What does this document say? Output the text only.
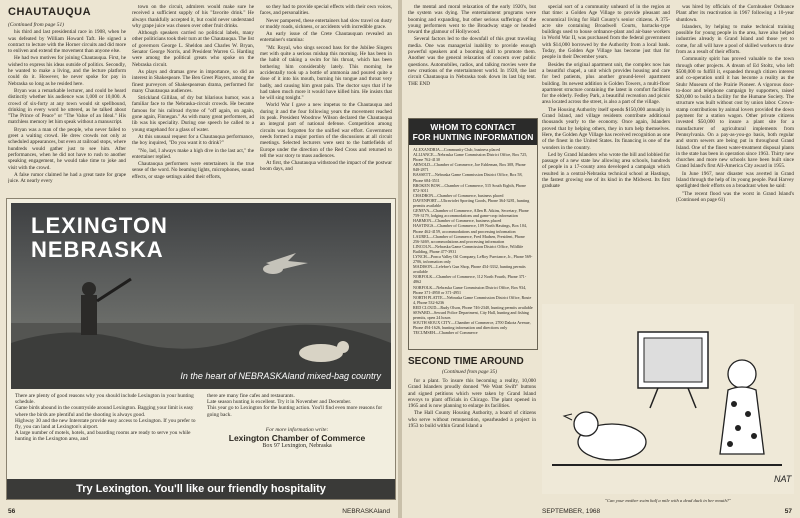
CHAUTAUQUA

(Continued from page 51)

his third and last presidential race in 1908, when he was defeated by William Howard Taft. He signed a contract to lecture with the Horner circuits and did more to enliven and extend the movement than anyone else.

He had two motives for joining Chautauqua. First, he wished to express his ideas outside of politics. Secondly, he wanted to make a living, and the lecture platform could do it. However, he never spoke for pay in Nebraska so long as he resided here.

Bryan was a remarkable lecturer, and could be heard distinctly whether his audience was 1,000 or 10,000. A crowd of six-forty at any town would sit spellbound, drinking in every word he uttered, as he talked about "The Prince of Peace" or "The Value of an Ideal." His matchless memory let him speak without a manuscript.

Bryan was a man of the people, who never failed to greet a waiting crowd. He drew crowds not only at scheduled appearances, but even at railroad stops, where hundreds would gather just to see him. After performances, when he did not have to rush to another speaking engagement, he would take time to joke and visit with the crowd.

A false rumor claimed he had a great taste for grape juice. At nearly every

town on the circuit, admirers would make sure he received a sufficient supply of his "favorite drink." He always thankfully accepted it, but could never understand why grape juice was chosen over other fruit drinks.

Although speakers carried no political labels, many other politicians took their turn at the Chautauqua. The list of governors George L. Sheldon and Charles W. Bryan, Senator George Norris, and President Warren G. Harding were among the political greats who spoke on the Nebraska circuit.

As plays and dramas grew in importance, so did an interest in Shakespeare. The Ben Greet Players, among the finest purveyors of Shakespearean drama, performed for many Chautauqua audiences.

Strickland Gillilan, of dry but hilarious humor, was a familiar face to the Nebraska-circuit crowds. He became famous for his railroad rhyme of "off again, on again, gone again, Finnegan." As with many great performers, ad lib was his speciality. During one speech he called to a young stagehand for a glass of water.

At this unusual request for a Chautauqua performance, the boy inquired, "Do you want it to drink?"

"No, lad, I always make a high dive in the last act," the entertainer replied.

Chautauqua performers were entertainers in the true sense of the word. No beaming lights, microphones, sound effects, or stage settings aided their efforts,

so they had to provide special effects with their own voices, faces, and personalities.

Never pampered, these entertainers had slow travel on dusty or muddy roads, sickness, or accidents with incredible grace.

An early issue of the Crete Chautauquan revealed an entertainer's stamina:

"Mr. Royal, who sings second bass for the Jubilee Singers met with quite a serious mishap this morning. He has been in the habit of taking a swim for his throat, which has been bothering him considerably lately. This morning he accidentally took up a bottle of ammonia and poured quite a dose of it into his mouth, burning his tongue and throat very badly, and causing him great pain. The doctor says that if he had taken much more it would have killed him. He insists that he will sing tonight."

World War I gave a new impetus to the Chautauqua and during it and the four following years the movement reached its peak. President Woodrow Wilson declared the Chautauqua an integral part of national defense. Competition among circuits was forgotten for the unified war effort. Government needs formed a major portion of the discussions at all circuit meetings. Selected lecturers were sent to the battlefields of Europe under the direction of the Red Cross and returned to tell the war story to mass audiences.

At first, the Chautauqua withstood the impact of the postwar boom days, and

LEXINGTON
NEBRASKA
In the heart of NEBRASKAland mixed-bag country
There are plenty of good reasons why you should include Lexington in your hunting schedule.
Game birds abound in the countryside around Lexington. Bagging your limit is easy where the birds are plentiful and the shooting is always good.
Highway 30 and the new Interstate provide easy access to Lexington. If you prefer to fly, you can land at Lexington's airport.
A large number of motels, hotels, and boarding rooms are ready to serve you while hunting in the Lexington area, and
there are many fine cafes and restaurants.
Late season hunting is excellent. Try it in November and December.
This year go to Lexington for the hunting action. You'll find even more reasons for going back.
For more information write:
Lexington Chamber of Commerce
Box 97 Lexington, Nebraska
Try Lexington. You'll like our friendly hospitality
56	NEBRASKAland

the mental and moral relaxation of the early 1920's, but the system was dying. The entertainment programs were booming and expanding, but other serious sufferings of the young performers went to the Broadway stage or headed toward the glamour of Hollywood.

Several factors led to the downfall of this great traveling media. One was managerial inability to provide enough powerful speakers and a booming skill to promote them. Another was the general relaxation of concern over public questions. Automobiles, radios, and talking movies were the new creations of the entertainment world. In 1928, the last circuit Chautauqua in Nebraska took down its last big tent. THE END

WHOM TO CONTACT
FOR HUNTING INFORMATION
ALEXANDRIA—Community Club, business placed
ALLIANCE—Nebraska Game Commission District Office, Box 725, Phone 762-4130
ARNOLD—Chamber of Commerce, Joe Eshleman, Box 308, Phone 848-2871
BASSETT—Nebraska Game Commission District Office, Box 58, Phone 684-3511
BROKEN BOW—Chamber of Commerce, 515 South Eighth, Phone 872-3011
CHADRON—Chamber of Commerce, business placed
DAVENPORT—Ultraviolet Sporting Goods, Phone 364-3281, hunting permits available
GENEVA—Chamber of Commerce, Allen B. Atkins, Secretary, Phone 759-3179, lodging accommodations and game-crop information
HARMON—Chamber of Commerce, business placed
HASTINGS—Chamber of Commerce, 109 North Hastings, Box 104, Phone 462-4159, accommodations and processing information
LAUREL—Chamber of Commerce, Fred Madsen, President, Phone 256-3469, accommodations and processing information
LINCOLN—Nebraska Game Commission District Office, Wildlife Building, Phone 477-3931
LYNCH—Ponca Valley Oil Company, LeRoy Purviance, Jr., Phone 569-2706, information only
MADISON—Lefebre's Gun Shop, Phone 454-3332, hunting permits available
NORFOLK—Chamber of Commerce, 112 North Fourth, Phone 371-4862
NORFOLK—Nebraska Game Commission District Office, Box 934, Phone 371-4950 or 371-4951
NORTH PLATTE—Nebraska Game Commission District Office, Route 4, Phone 532-6236
RED CLOUD—Rudy Olson, Phone 746-2340, hunting permits available
SEWARD—Seward Police Department, City Hall, hunting and fishing permits, open 24 hours
SOUTH SIOUX CITY—Chamber of Commerce, 2700 Dakota Avenue, Phone 494-1626, hunting information and directions only
TECUMSEH—Chamber of Commerce
SECOND TIME AROUND
(Continued from page 35)

for a plant. To insure this becoming a reality, 10,000 Grand Islanders proudly donned "We Want Swift" buttons and signed petitions which were taken by Grand Island envoys to plant officials in Chicago. The plant opened in 1965 and is now planning to enlarge its facilities.

The Hall County Housing Authority, a board of citizens who serve without remuneration, spearheaded a project in 1953 to build within Grand Island a

special sort of a community unheard of in the region at that time: a Golden Age Village to provide pleasant and economical living for Hall County's senior citizens. A 375-acre site containing Broadwell Courts, barracks-type buildings used to house ordnance-plant and air-base workers in World War II, was purchased from the federal government with $14,000 borrowed by the Authority from a local bank. Today, the Golden Age Village has become just that for people in their December years.

Besides the original apartment unit, the complex now has a beautiful chapel, a unit which provides housing and care for bed patients, plus another ground-level apartment building. Its newest addition is Golden Towers, a multi-floor apartment structure containing the latest in comfort facilities for the elderly. Fedley Park, a beautiful recreation and picnic area located across the street, is also a part of the village.

The Housing Authority itself spends $150,000 annually in Grand Island, and village residents contribute additional thousands yearly to the economy. Once again, Islanders proved that by helping others, they in turn help themselves. Here, the Golden Age Village has received recognition as one of the finest in the United States. Its financing is one of the wonders in the country.

Led by Grand Islanders who wrote the bill and lobbied for passage of a new state law allowing area schools, hundreds of people in a 17-county area developed a campaign which resulted in a central-Nebraska technical school at Hastings, the fastest growing one of its kind in the Midwest. Its first graduate

was hired by officials of the Cornhusker Ordnance Plant after its reactivation in 1967 following a 10-year shutdown.

Islanders, by helping to make technical training possible for young people in the area, have also helped industries already in Grand Island and those yet to come, for all will have a pool of skilled workers to draw from as a result of their efforts.

Community spirit has proved valuable to the town through other projects. A dream of Ed Stoltz, who left $500,000 to fulfill it, expanded through citizen interest and co-operation until it has become a reality as the Stuhr Museum of the Prairie Pioneer. A vigorous door-to-door and telephone campaign by supporters, raised $20,000 to build a facility for the Humane Society. The structure was built without cost by union labor. Crown-stamp contributions by animal lovers provided the down payment for a station wagon. Other private citizens invested $50,000 to insure a plant site for a manufacturer of agricultural implements from Pennsylvania. On a pay-as-you-go basis, both regular and storm sewers are being put in throughout Grand Island. One of the finest water-treatment disposal plants in the state has been in operation since 1963. Thirty new churches and more new schools have been built since Grand Island's first All-America City award in 1955.

In June 1967, near disaster was averted in Grand Island through the help of its young people. Paul Harvey spotlighted their efforts on a broadcast when he said:

"The recent flood was the worst in Grand Island's (Continued on page 61)

NAT
"Can your mother swim half a mile with a dead duck in her mouth?"
SEPTEMBER, 1968	57
